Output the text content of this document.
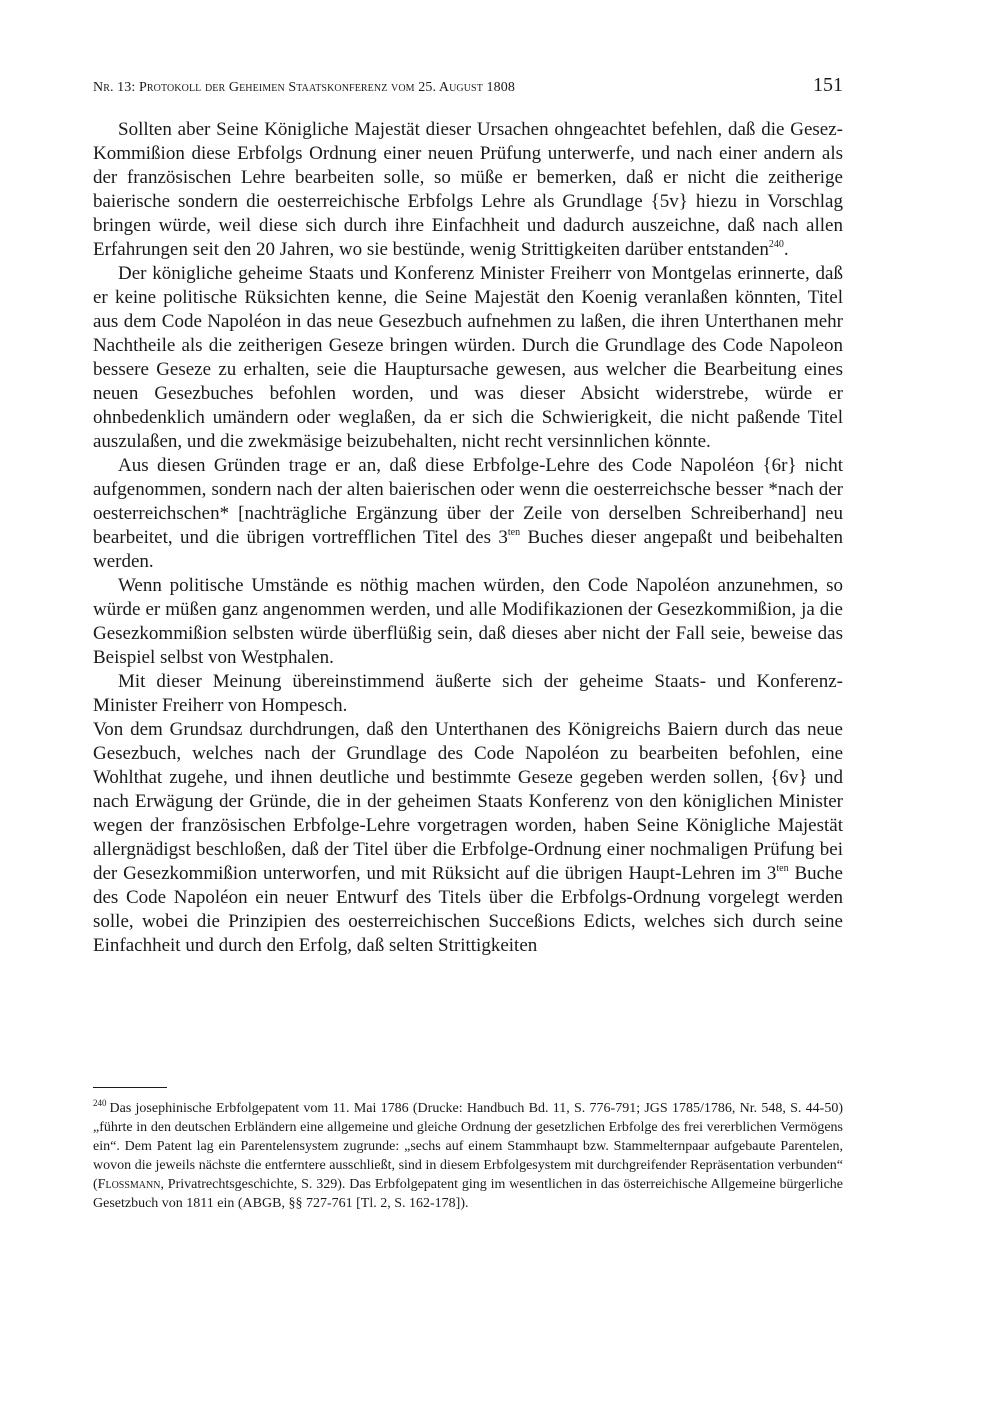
Nr. 13: Protokoll der Geheimen Staatskonferenz vom 25. August 1808	151

Sollten aber Seine Königliche Majestät dieser Ursachen ohngeachtet befehlen, daß die Gesez-Kommißion diese Erbfolgs Ordnung einer neuen Prüfung unterwerfe, und nach einer andern als der französischen Lehre bearbeiten solle, so müße er bemerken, daß er nicht die zeitherige baierische sondern die oesterreichische Erbfolgs Lehre als Grundlage {5v} hiezu in Vorschlag bringen würde, weil diese sich durch ihre Einfachheit und dadurch auszeichne, daß nach allen Erfahrungen seit den 20 Jahren, wo sie bestünde, wenig Strittigkeiten darüber entstanden$^{240}$.

Der königliche geheime Staats und Konferenz Minister Freiherr von Montgelas erinnerte, daß er keine politische Rüksichten kenne, die Seine Majestät den Koenig veranlaßen könnten, Titel aus dem Code Napoléon in das neue Gesezbuch aufnehmen zu laßen, die ihren Unterthanen mehr Nachtheile als die zeitherigen Geseze bringen würden. Durch die Grundlage des Code Napoleon bessere Geseze zu erhalten, seie die Hauptursache gewesen, aus welcher die Bearbeitung eines neuen Gesezbuches befohlen worden, und was dieser Absicht widerstrebe, würde er ohnbedenklich umändern oder weglaßen, da er sich die Schwierigkeit, die nicht paßende Titel auszulaßen, und die zwekmäsige beizubehalten, nicht recht versinnlichen könnte.

Aus diesen Gründen trage er an, daß diese Erbfolge-Lehre des Code Napoléon {6r} nicht aufgenommen, sondern nach der alten baierischen oder wenn die oesterreichsche besser *nach der oesterreichschen* [nachträgliche Ergänzung über der Zeile von derselben Schreiberhand] neu bearbeitet, und die übrigen vortrefflichen Titel des $3^{ten}$ Buches dieser angepaßt und beibehalten werden.

Wenn politische Umstände es nöthig machen würden, den Code Napoléon anzunehmen, so würde er müßen ganz angenommen werden, und alle Modifikazionen der Gesezkommißion, ja die Gesezkommißion selbsten würde überflüßig sein, daß dieses aber nicht der Fall seie, beweise das Beispiel selbst von Westphalen.

Mit dieser Meinung übereinstimmend äußerte sich der geheime Staats- und Konferenz-Minister Freiherr von Hompesch.

Von dem Grundsaz durchdrungen, daß den Unterthanen des Königreichs Baiern durch das neue Gesezbuch, welches nach der Grundlage des Code Napoléon zu bearbeiten befohlen, eine Wohlthat zugehe, und ihnen deutliche und bestimmte Geseze gegeben werden sollen, {6v} und nach Erwägung der Gründe, die in der geheimen Staats Konferenz von den königlichen Minister wegen der französischen Erbfolge-Lehre vorgetragen worden, haben Seine Königliche Majestät allergnädigst beschloßen, daß der Titel über die Erbfolge-Ordnung einer nochmaligen Prüfung bei der Gesezkommißion unterworfen, und mit Rüksicht auf die übrigen Haupt-Lehren im $3^{ten}$ Buche des Code Napoléon ein neuer Entwurf des Titels über die Erbfolgs-Ordnung vorgelegt werden solle, wobei die Prinzipien des oesterreichischen Succeßions Edicts, welches sich durch seine Einfachheit und durch den Erfolg, daß selten Strittigkeiten

$^{240}$ Das josephinische Erbfolgepatent vom 11. Mai 1786 (Drucke: Handbuch Bd. 11, S. 776-791; JGS 1785/1786, Nr. 548, S. 44-50) „führte in den deutschen Erbländern eine allgemeine und gleiche Ordnung der gesetzlichen Erbfolge des frei vererblichen Vermögens ein“. Dem Patent lag ein Parentelensystem zugrunde: „sechs auf einem Stammhaupt bzw. Stammelternpaar aufgebaute Parentelen, wovon die jeweils nächste die entferntere ausschließt, sind in diesem Erbfolgesystem mit durchgreifender Repräsentation verbunden“ (Flossmann, Privatrechtsgeschichte, S. 329). Das Erbfolgepatent ging im wesentlichen in das österreichische Allgemeine bürgerliche Gesetzbuch von 1811 ein (ABGB, §§ 727-761 [Tl. 2, S. 162-178]).
